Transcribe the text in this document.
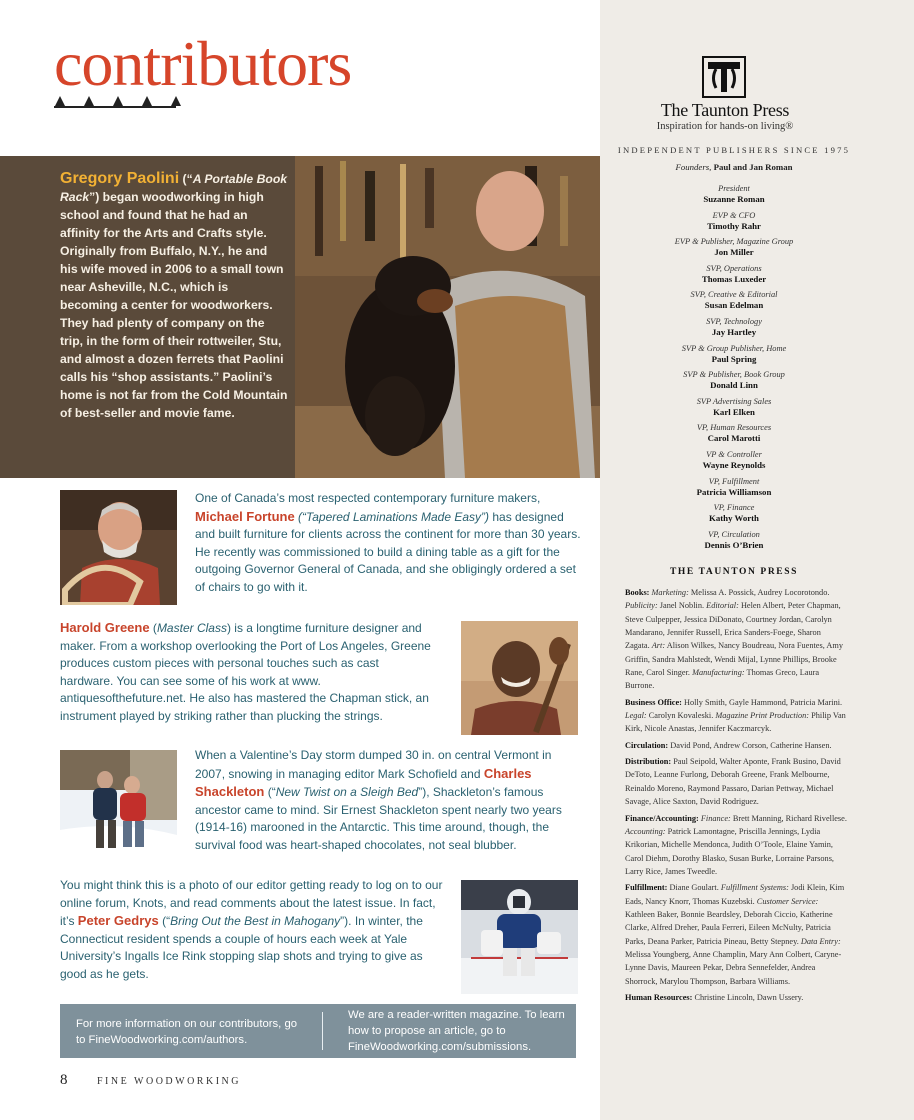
contributors
Gregory Paolini (“A Portable Book Rack”) began woodworking in high school and found that he had an affinity for the Arts and Crafts style. Originally from Buffalo, N.Y., he and his wife moved in 2006 to a small town near Asheville, N.C., which is becoming a center for woodworkers. They had plenty of company on the trip, in the form of their rottweiler, Stu, and almost a dozen ferrets that Paolini calls his “shop assistants.” Paolini’s home is not far from the Cold Mountain of best-seller and movie fame.
One of Canada’s most respected contemporary furniture makers, Michael Fortune (“Tapered Laminations Made Easy”) has designed and built furniture for clients across the continent for more than 30 years. He recently was commissioned to build a dining table as a gift for the outgoing Governor General of Canada, and she obligingly ordered a set of chairs to go with it.
Harold Greene (Master Class) is a longtime furniture designer and maker. From a workshop overlooking the Port of Los Angeles, Greene produces custom pieces with personal touches such as cast hardware. You can see some of his work at www. antiquesofthefuture.net. He also has mastered the Chapman stick, an instrument played by striking rather than plucking the strings.
When a Valentine’s Day storm dumped 30 in. on central Vermont in 2007, snowing in managing editor Mark Schofield and Charles Shackleton (“New Twist on a Sleigh Bed”), Shackleton’s famous ancestor came to mind. Sir Ernest Shackleton spent nearly two years (1914-16) marooned in the Antarctic. This time around, though, the survival food was heart-shaped chocolates, not seal blubber.
You might think this is a photo of our editor getting ready to log on to our online forum, Knots, and read comments about the latest issue. In fact, it’s Peter Gedrys (“Bring Out the Best in Mahogany”). In winter, the Connecticut resident spends a couple of hours each week at Yale University’s Ingalls Ice Rink stopping slap shots and trying to give as good as he gets.
For more information on our contributors, go to FineWoodworking.com/authors.
We are a reader-written magazine. To learn how to propose an article, go to FineWoodworking.com/submissions.
8	FINE WOODWORKING
The Taunton Press
Inspiration for hands-on living®
INDEPENDENT PUBLISHERS SINCE 1975
Founders, Paul and Jan Roman
President
Suzanne Roman
EVP & CFO
Timothy Rahr
EVP & Publisher, Magazine Group
Jon Miller
SVP, Operations
Thomas Luxeder
SVP, Creative & Editorial
Susan Edelman
SVP, Technology
Jay Hartley
SVP & Group Publisher, Home
Paul Spring
SVP & Publisher, Book Group
Donald Linn
SVP Advertising Sales
Karl Elken
VP, Human Resources
Carol Marotti
VP & Controller
Wayne Reynolds
VP, Fulfillment
Patricia Williamson
VP, Finance
Kathy Worth
VP, Circulation
Dennis O’Brien
THE TAUNTON PRESS

Books: Marketing: Melissa A. Possick, Audrey Locorotondo. Publicity: Janel Noblin. Editorial: Helen Albert, Peter Chapman, Steve Culpepper, Jessica DiDonato, Courtney Jordan, Carolyn Mandarano, Jennifer Russell, Erica Sanders-Foege, Sharon Zagata. Art: Alison Wilkes, Nancy Boudreau, Nora Fuentes, Amy Griffin, Sandra Mahlstedt, Wendi Mijal, Lynne Phillips, Brooke Rane, Carol Singer. Manufacturing: Thomas Greco, Laura Burrone.

Business Office: Holly Smith, Gayle Hammond, Patricia Marini. Legal: Carolyn Kovaleski. Magazine Print Production: Philip Van Kirk, Nicole Anastas, Jennifer Kaczmarcyk.

Circulation: David Pond, Andrew Corson, Catherine Hansen.

Distribution: Paul Seipold, Walter Aponte, Frank Busino, David DeToto, Leanne Furlong, Deborah Greene, Frank Melbourne, Reinaldo Moreno, Raymond Passaro, Darian Pettway, Michael Savage, Alice Saxton, David Rodriguez.

Finance/Accounting: Finance: Brett Manning, Richard Rivellese. Accounting: Patrick Lamontagne, Priscilla Jennings, Lydia Krikorian, Michelle Mendonca, Judith O’Toole, Elaine Yamin, Carol Diehm, Dorothy Blasko, Susan Burke, Lorraine Parsons, Larry Rice, James Tweedle.

Fulfillment: Diane Goulart. Fulfillment Systems: Jodi Klein, Kim Eads, Nancy Knorr, Thomas Kuzebski. Customer Service: Kathleen Baker, Bonnie Beardsley, Deborah Ciccio, Katherine Clarke, Alfred Dreher, Paula Ferreri, Eileen McNulty, Patricia Parks, Deana Parker, Patricia Pineau, Betty Stepney. Data Entry: Melissa Youngberg, Anne Champlin, Mary Ann Colbert, Caryne-Lynne Davis, Maureen Pekar, Debra Sennefelder, Andrea Shorrock, Marylou Thompson, Barbara Williams.

Human Resources: Christine Lincoln, Dawn Ussery.
